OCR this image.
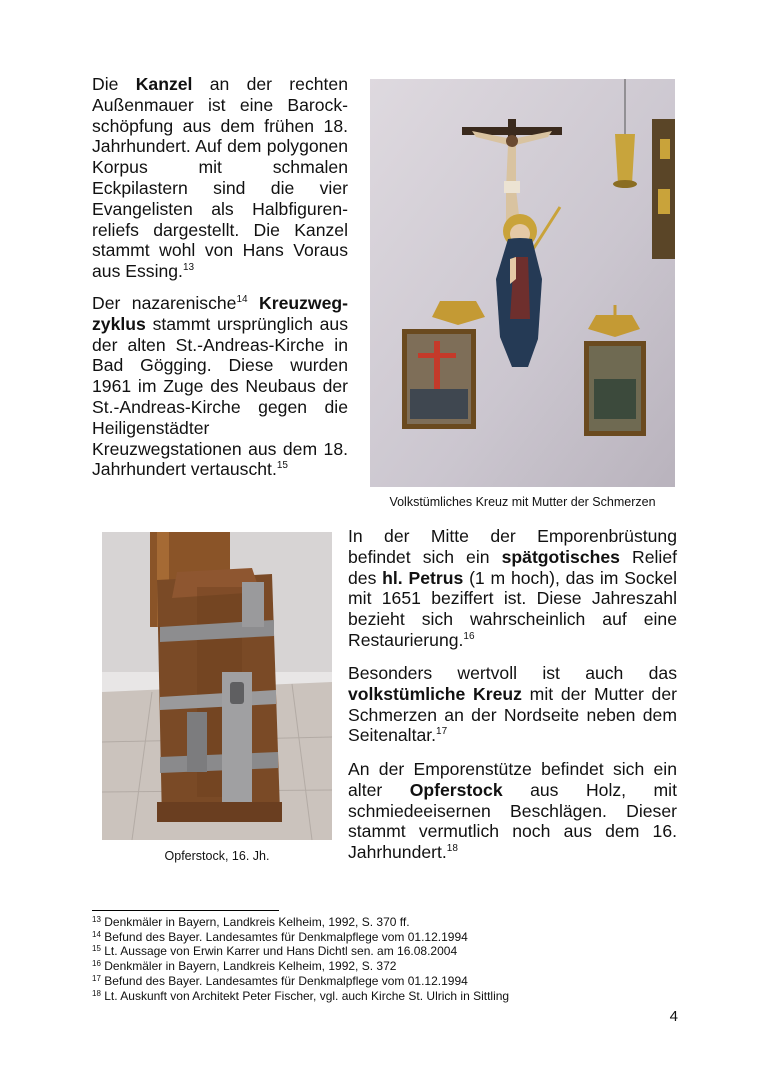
Die Kanzel an der rechten Außenmauer ist eine Barockschöpfung aus dem frühen 18. Jahrhundert. Auf dem polygonen Korpus mit schmalen Eckpilastern sind die vier Evangelisten als Halbfigurenreliefs dargestellt. Die Kanzel stammt wohl von Hans Voraus aus Essing.$^{13}$

Der nazarenische$^{14}$ Kreuzwegzyklus stammt ursprünglich aus der alten St.-Andreas-Kirche in Bad Gögging. Diese wurden 1961 im Zuge des Neubaus der St.-Andreas-Kirche gegen die Heiligenstädter Kreuzwegstationen aus dem 18. Jahrhundert vertauscht.$^{15}$

Volkstümliches Kreuz mit Mutter der Schmerzen
Opferstock, 16. Jh.

In der Mitte der Emporenbrüstung befindet sich ein spätgotisches Relief des hl. Petrus (1 m hoch), das im Sockel mit 1651 beziffert ist. Diese Jahreszahl bezieht sich wahrscheinlich auf eine Restaurierung.$^{16}$

Besonders wertvoll ist auch das volkstümliche Kreuz mit der Mutter der Schmerzen an der Nordseite neben dem Seitenaltar.$^{17}$

An der Emporenstütze befindet sich ein alter Opferstock aus Holz, mit schmiedeeisernen Beschlägen. Dieser stammt vermutlich noch aus dem 16. Jahrhundert.$^{18}$

$^{13}$ Denkmäler in Bayern, Landkreis Kelheim, 1992, S. 370 ff.
$^{14}$ Befund des Bayer. Landesamtes für Denkmalpflege vom 01.12.1994
$^{15}$ Lt. Aussage von Erwin Karrer und Hans Dichtl sen. am 16.08.2004
$^{16}$ Denkmäler in Bayern, Landkreis Kelheim, 1992, S. 372
$^{17}$ Befund des Bayer. Landesamtes für Denkmalpflege vom 01.12.1994
$^{18}$ Lt. Auskunft von Architekt Peter Fischer, vgl. auch Kirche St. Ulrich in Sittling
4
